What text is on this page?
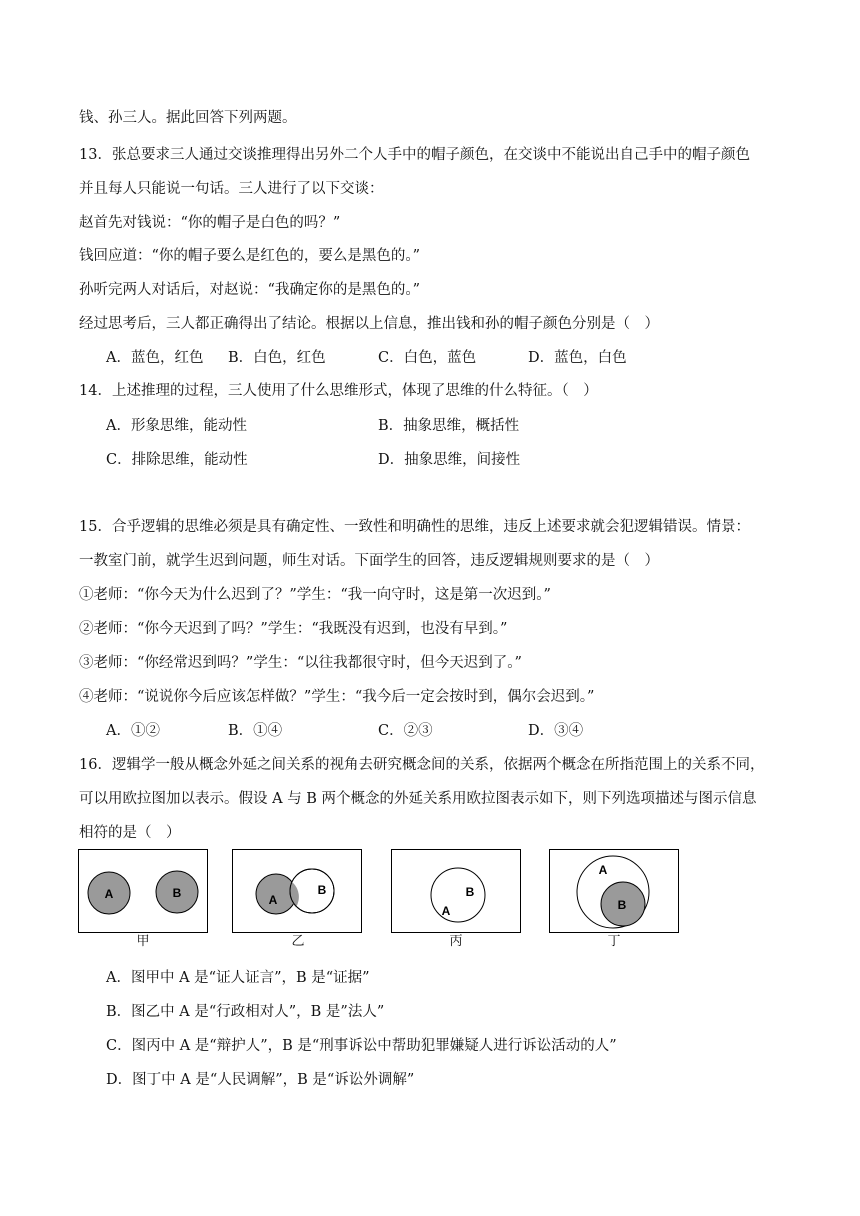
钱、孙三人。据此回答下列两题。
13．张总要求三人通过交谈推理得出另外二个人手中的帽子颜色，在交谈中不能说出自己手中的帽子颜色
并且每人只能说一句话。三人进行了以下交谈：
赵首先对钱说：“你的帽子是白色的吗？”
钱回应道：“你的帽子要么是红色的，要么是黑色的。”
孙听完两人对话后，对赵说：“我确定你的是黑色的。”
经过思考后，三人都正确得出了结论。根据以上信息，推出钱和孙的帽子颜色分别是（　）
A．蓝色，红色 B．白色，红色	C．白色，蓝色	D．蓝色，白色
14．上述推理的过程，三人使用了什么思维形式，体现了思维的什么特征。（　）
A．形象思维，能动性	B．抽象思维，概括性
C．排除思维，能动性	D．抽象思维，间接性
15．合乎逻辑的思维必须是具有确定性、一致性和明确性的思维，违反上述要求就会犯逻辑错误。情景：
一教室门前，就学生迟到问题，师生对话。下面学生的回答，违反逻辑规则要求的是（　）
①老师：“你今天为什么迟到了？”学生：“我一向守时，这是第一次迟到。”
②老师：“你今天迟到了吗？”学生：“我既没有迟到，也没有早到。”
③老师：“你经常迟到吗？”学生：“以往我都很守时，但今天迟到了。”
④老师：“说说你今后应该怎样做？”学生：“我今后一定会按时到，偶尔会迟到。”
A．①②	B．①④	C．②③	D．③④
16．逻辑学一般从概念外延之间关系的视角去研究概念间的关系，依据两个概念在所指范围上的关系不同，
可以用欧拉图加以表示。假设 A 与 B 两个概念的外延关系用欧拉图表示如下，则下列选项描述与图示信息
相符的是（　）
A	B
甲
A
B
乙
B
A
丙
A
B
丁
A．图甲中 A 是“证人证言”，B 是“证据”
B．图乙中 A 是“行政相对人”，B 是”法人”
C．图丙中 A 是“辩护人”，B 是“刑事诉讼中帮助犯罪嫌疑人进行诉讼活动的人”
D．图丁中 A 是“人民调解”，B 是“诉讼外调解”
